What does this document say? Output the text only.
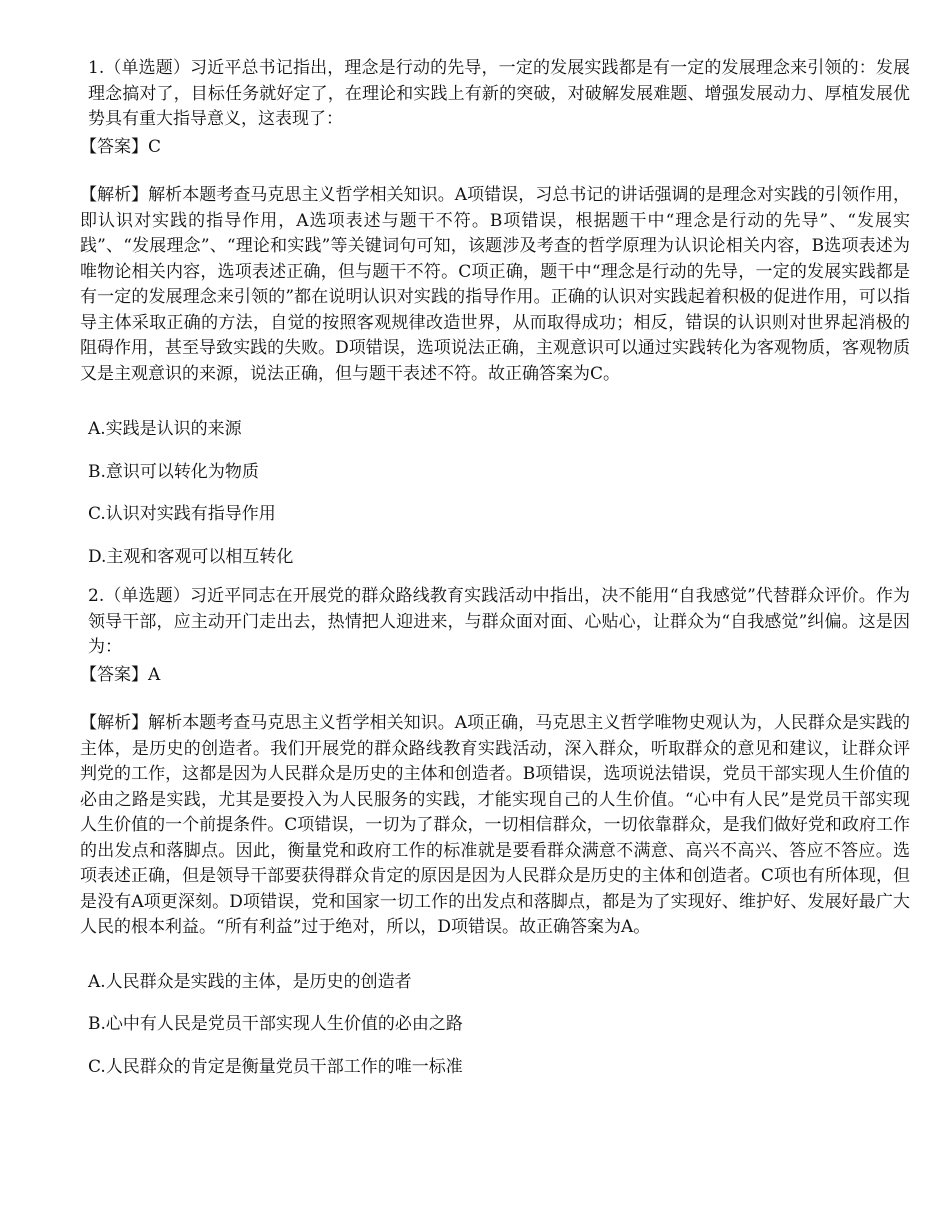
1.（单选题）习近平总书记指出，理念是行动的先导，一定的发展实践都是有一定的发展理念来引领的：发展理念搞对了，目标任务就好定了，在理论和实践上有新的突破，对破解发展难题、增强发展动力、厚植发展优势具有重大指导意义，这表现了：

【答案】C

【解析】解析本题考查马克思主义哲学相关知识。A项错误，习总书记的讲话强调的是理念对实践的引领作用，即认识对实践的指导作用，A选项表述与题干不符。B项错误，根据题干中“理念是行动的先导”、“发展实践”、“发展理念”、“理论和实践”等关键词句可知，该题涉及考查的哲学原理为认识论相关内容，B选项表述为唯物论相关内容，选项表述正确，但与题干不符。C项正确，题干中“理念是行动的先导，一定的发展实践都是有一定的发展理念来引领的”都在说明认识对实践的指导作用。正确的认识对实践起着积极的促进作用，可以指导主体采取正确的方法，自觉的按照客观规律改造世界，从而取得成功；相反，错误的认识则对世界起消极的阻碍作用，甚至导致实践的失败。D项错误，选项说法正确，主观意识可以通过实践转化为客观物质，客观物质又是主观意识的来源，说法正确，但与题干表述不符。故正确答案为C。

A.实践是认识的来源
B.意识可以转化为物质
C.认识对实践有指导作用
D.主观和客观可以相互转化

2.（单选题）习近平同志在开展党的群众路线教育实践活动中指出，决不能用“自我感觉”代替群众评价。作为领导干部，应主动开门走出去，热情把人迎进来，与群众面对面、心贴心，让群众为“自我感觉”纠偏。这是因为：

【答案】A

【解析】解析本题考查马克思主义哲学相关知识。A项正确，马克思主义哲学唯物史观认为，人民群众是实践的主体，是历史的创造者。我们开展党的群众路线教育实践活动，深入群众，听取群众的意见和建议，让群众评判党的工作，这都是因为人民群众是历史的主体和创造者。B项错误，选项说法错误，党员干部实现人生价值的必由之路是实践，尤其是要投入为人民服务的实践，才能实现自己的人生价值。“心中有人民”是党员干部实现人生价值的一个前提条件。C项错误，一切为了群众，一切相信群众，一切依靠群众，是我们做好党和政府工作的出发点和落脚点。因此，衡量党和政府工作的标准就是要看群众满意不满意、高兴不高兴、答应不答应。选项表述正确，但是领导干部要获得群众肯定的原因是因为人民群众是历史的主体和创造者。C项也有所体现，但是没有A项更深刻。D项错误，党和国家一切工作的出发点和落脚点，都是为了实现好、维护好、发展好最广大人民的根本利益。“所有利益”过于绝对，所以，D项错误。故正确答案为A。

A.人民群众是实践的主体，是历史的创造者
B.心中有人民是党员干部实现人生价值的必由之路
C.人民群众的肯定是衡量党员干部工作的唯一标准
